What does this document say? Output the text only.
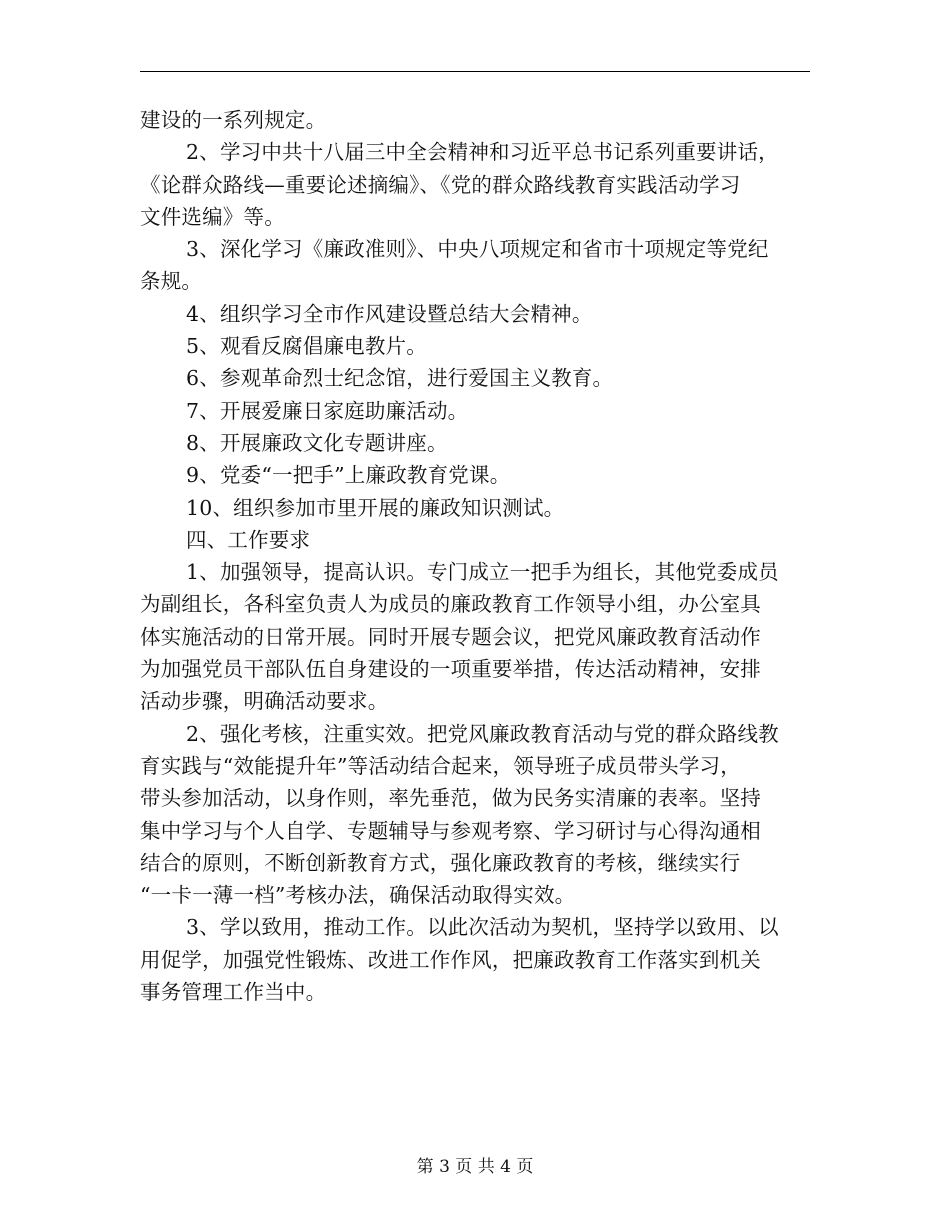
建设的一系列规定。
2、学习中共十八届三中全会精神和习近平总书记系列重要讲话，
《论群众路线—重要论述摘编》、《党的群众路线教育实践活动学习
文件选编》等。
3、深化学习《廉政准则》、中央八项规定和省市十项规定等党纪
条规。
4、组织学习全市作风建设暨总结大会精神。
5、观看反腐倡廉电教片。
6、参观革命烈士纪念馆，进行爱国主义教育。
7、开展爱廉日家庭助廉活动。
8、开展廉政文化专题讲座。
9、党委“一把手”上廉政教育党课。
10、组织参加市里开展的廉政知识测试。
四、工作要求
1、加强领导，提高认识。专门成立一把手为组长，其他党委成员
为副组长，各科室负责人为成员的廉政教育工作领导小组，办公室具
体实施活动的日常开展。同时开展专题会议，把党风廉政教育活动作
为加强党员干部队伍自身建设的一项重要举措，传达活动精神，安排
活动步骤，明确活动要求。
2、强化考核，注重实效。把党风廉政教育活动与党的群众路线教
育实践与“效能提升年”等活动结合起来，领导班子成员带头学习，
带头参加活动，以身作则，率先垂范，做为民务实清廉的表率。坚持
集中学习与个人自学、专题辅导与参观考察、学习研讨与心得沟通相
结合的原则，不断创新教育方式，强化廉政教育的考核，继续实行
“一卡一薄一档”考核办法，确保活动取得实效。
3、学以致用，推动工作。以此次活动为契机，坚持学以致用、以
用促学，加强党性锻炼、改进工作作风，把廉政教育工作落实到机关
事务管理工作当中。
第 3 页 共 4 页
